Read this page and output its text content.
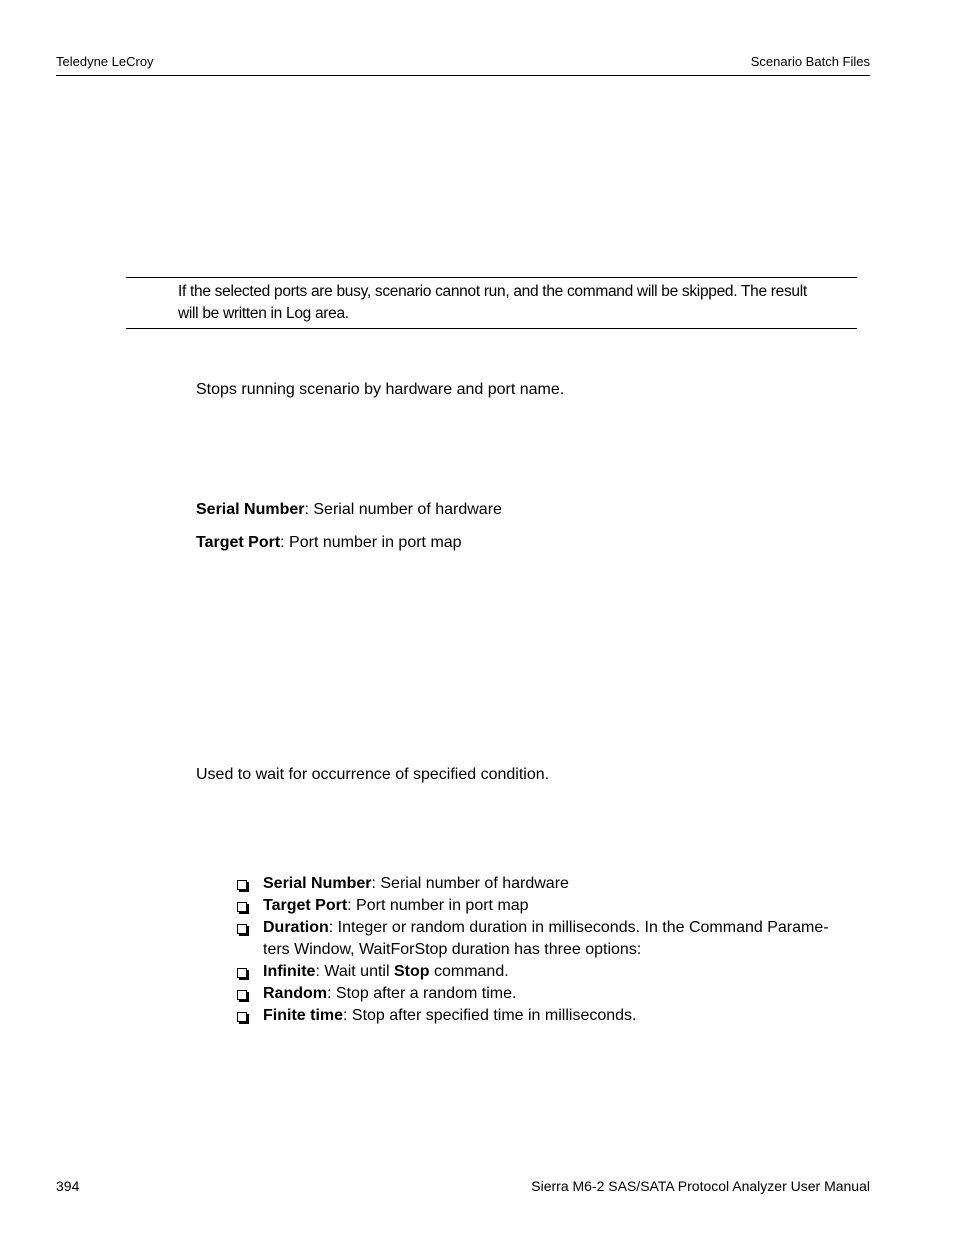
Teledyne LeCroy	Scenario Batch Files
If the selected ports are busy, scenario cannot run, and the command will be skipped. The result
will be written in Log area.
Stops running scenario by hardware and port name.
Serial Number: Serial number of hardware
Target Port: Port number in port map
Used to wait for occurrence of specified condition.
Serial Number: Serial number of hardware
Target Port: Port number in port map
Duration: Integer or random duration in milliseconds. In the Command Parame-
ters Window, WaitForStop duration has three options:
Infinite: Wait until Stop command.
Random: Stop after a random time.
Finite time: Stop after specified time in milliseconds.
394	Sierra M6-2 SAS/SATA Protocol Analyzer User Manual
